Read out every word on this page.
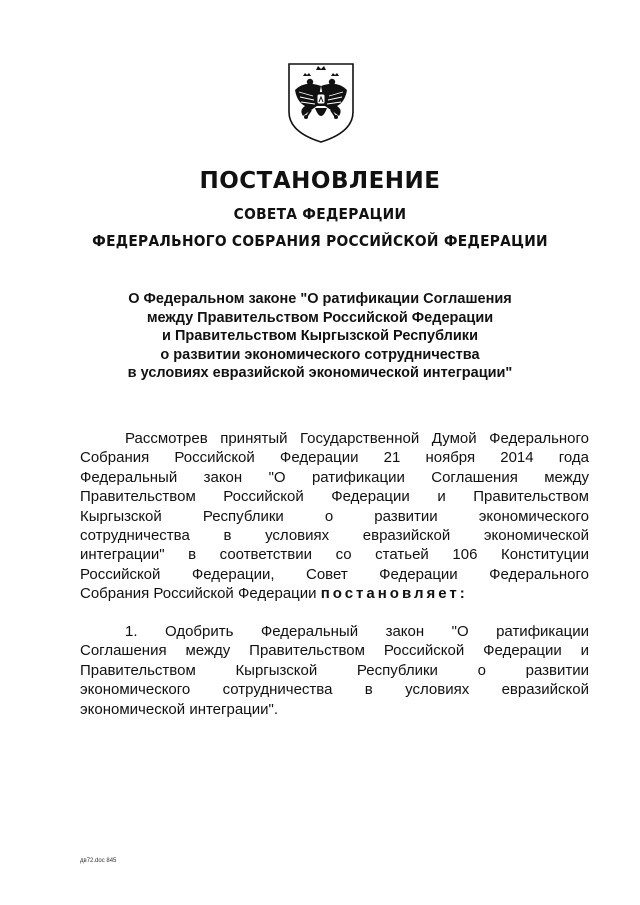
ПОСТАНОВЛЕНИЕ
СОВЕТА ФЕДЕРАЦИИ
ФЕДЕРАЛЬНОГО СОБРАНИЯ РОССИЙСКОЙ ФЕДЕРАЦИИ
О Федеральном законе "О ратификации Соглашения
между Правительством Российской Федерации
и Правительством Кыргызской Республики
о развитии экономического сотрудничества
в условиях евразийской экономической интеграции"
Рассмотрев принятый Государственной Думой Федерального
Собрания Российской Федерации 21 ноября 2014 года
Федеральный закон "О ратификации Соглашения между
Правительством Российской Федерации и Правительством
Кыргызской Республики о развитии экономического
сотрудничества в условиях евразийской экономической
интеграции" в соответствии со статьей 106 Конституции
Российской Федерации, Совет Федерации Федерального
Собрания Российской Федерации постановляет:
1. Одобрить Федеральный закон "О ратификации
Соглашения между Правительством Российской Федерации и
Правительством Кыргызской Республики о развитии
экономического сотрудничества в условиях евразийской
экономической интеграции".
дв72.doc 845
